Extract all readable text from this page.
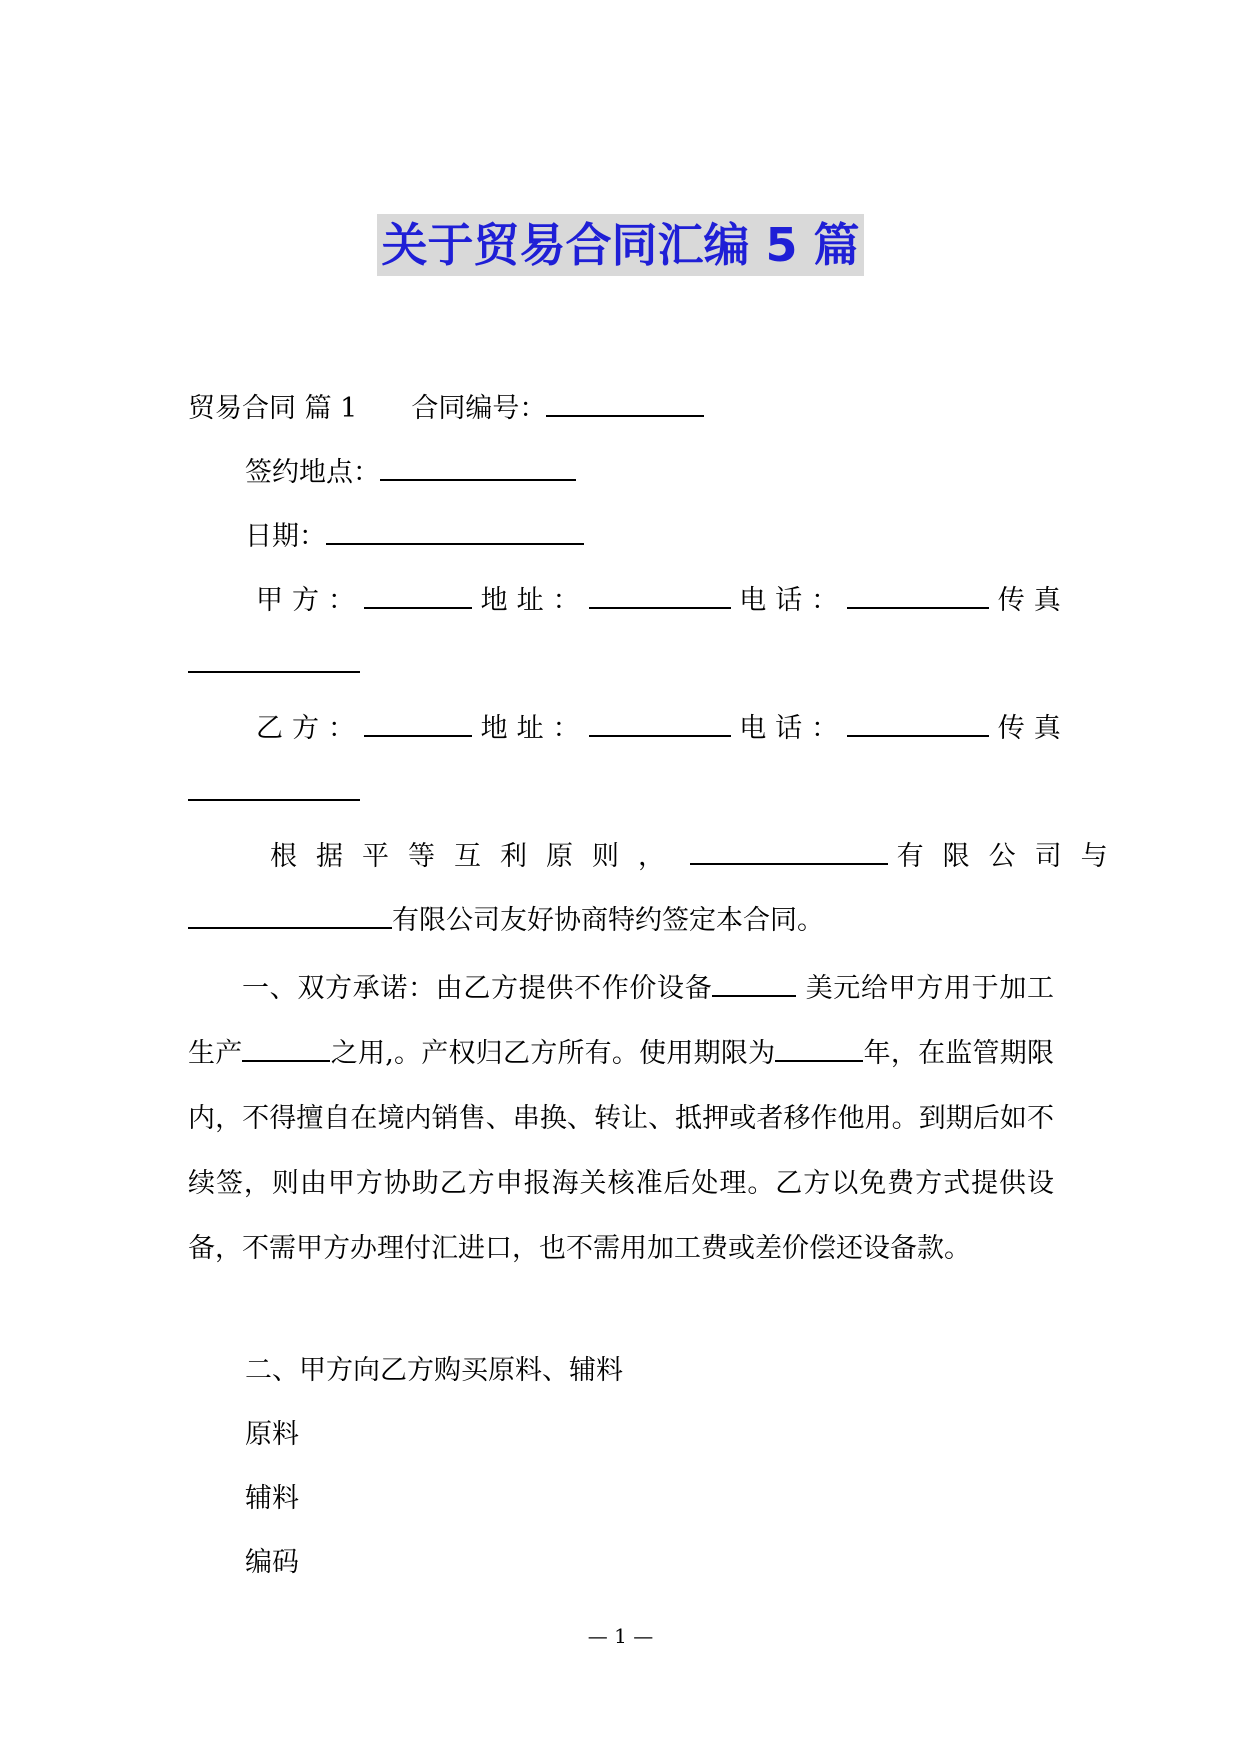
关于贸易合同汇编 5 篇
贸易合同 篇 1 合同编号：
签约地点：
日期：
甲方：	地址：	电话：	传真
乙方：	地址：	电话：	传真
根据平等互利原则，	有限公司与
有限公司友好协商特约签定本合同。
一、双方承诺：由乙方提供不作价设备	美元给甲方用于加工生产	之用,。产权归乙方所有。使用期限为	年，在监管期限内，不得擅自在境内销售、串换、转让、抵押或者移作他用。到期后如不续签，则由甲方协助乙方申报海关核准后处理。乙方以免费方式提供设备，不需甲方办理付汇进口，也不需用加工费或差价偿还设备款。
二、甲方向乙方购买原料、辅料
原料
辅料
编码
— 1 —
